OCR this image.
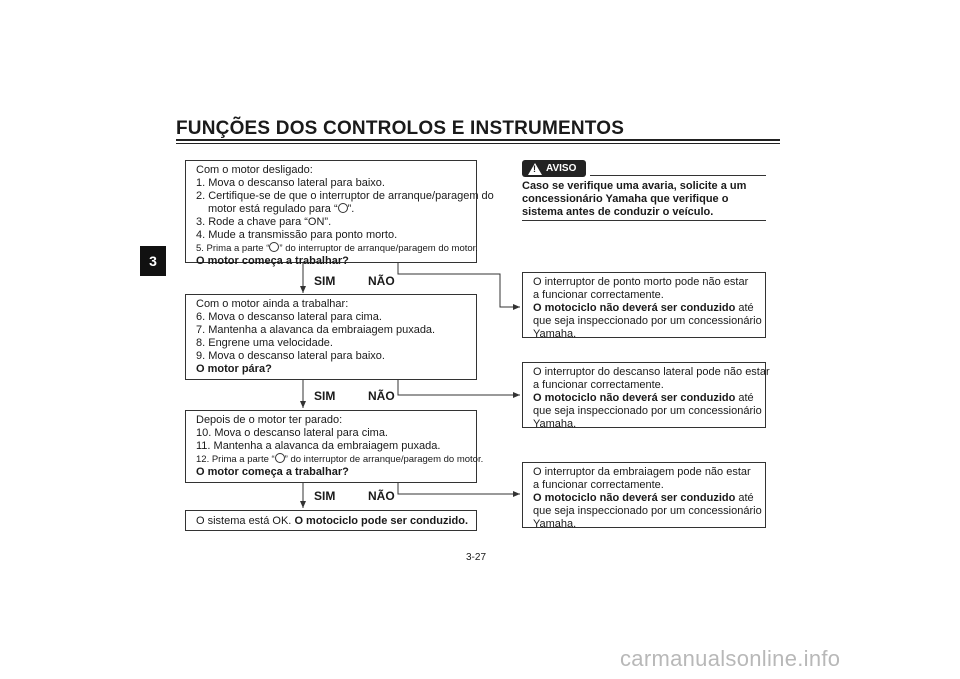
FUNÇÕES DOS CONTROLOS E INSTRUMENTOS
3
Com o motor desligado:
1. Mova o descanso lateral para baixo.
2. Certifique-se de que o interruptor de arranque/paragem do
motor está regulado para “ ”.
3. Rode a chave para “ON”.
4. Mude a transmissão para ponto morto.
5. Prima a parte “ ” do interruptor de arranque/paragem do motor.
O motor começa a trabalhar?
SIM	NÃO
Com o motor ainda a trabalhar:
6. Mova o descanso lateral para cima.
7. Mantenha a alavanca da embraiagem puxada.
8. Engrene uma velocidade.
9. Mova o descanso lateral para baixo.
O motor pára?
SIM	NÃO
Depois de o motor ter parado:
10. Mova o descanso lateral para cima.
11. Mantenha a alavanca da embraiagem puxada.
12. Prima a parte “ ” do interruptor de arranque/paragem do motor.
O motor começa a trabalhar?
SIM	NÃO
O sistema está OK. O motociclo pode ser conduzido.
! AVISO
Caso se verifique uma avaria, solicite a um concessionário Yamaha que verifique o sistema antes de conduzir o veículo.
O interruptor de ponto morto pode não estar
a funcionar correctamente.
O motociclo não deverá ser conduzido até
que seja inspeccionado por um concessionário
Yamaha.
O interruptor do descanso lateral pode não estar
a funcionar correctamente.
O motociclo não deverá ser conduzido até
que seja inspeccionado por um concessionário
Yamaha.
O interruptor da embraiagem pode não estar
a funcionar correctamente.
O motociclo não deverá ser conduzido até
que seja inspeccionado por um concessionário
Yamaha.
3-27
carmanualsonline.info
